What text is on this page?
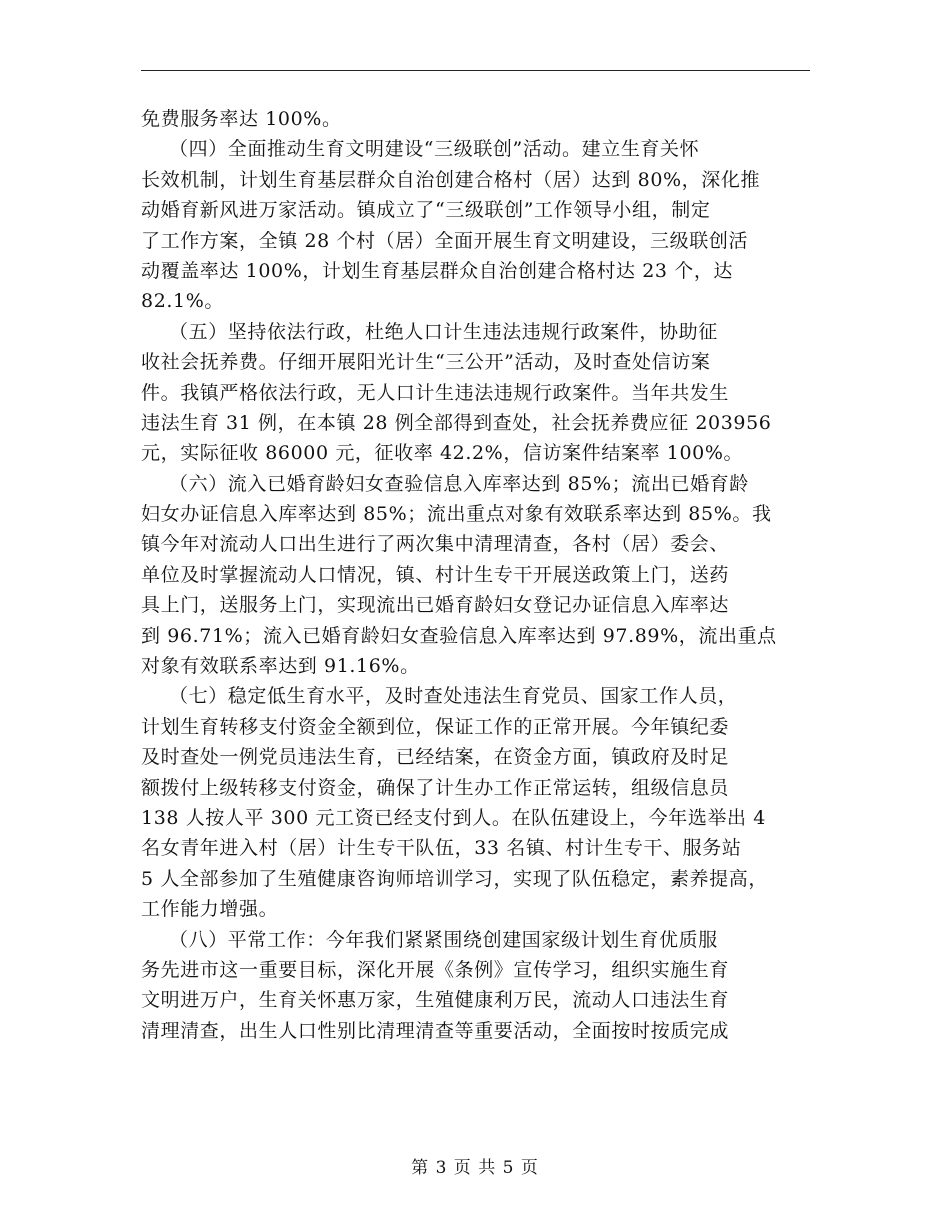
免费服务率达 100%。
（四）全面推动生育文明建设“三级联创”活动。建立生育关怀
长效机制，计划生育基层群众自治创建合格村（居）达到 80%，深化推
动婚育新风进万家活动。镇成立了“三级联创”工作领导小组，制定
了工作方案，全镇 28 个村（居）全面开展生育文明建设，三级联创活
动覆盖率达 100%，计划生育基层群众自治创建合格村达 23 个，达
82.1%。
（五）坚持依法行政，杜绝人口计生违法违规行政案件，协助征
收社会抚养费。仔细开展阳光计生“三公开”活动，及时查处信访案
件。我镇严格依法行政，无人口计生违法违规行政案件。当年共发生
违法生育 31 例，在本镇 28 例全部得到查处，社会抚养费应征 203956
元，实际征收 86000 元，征收率 42.2%，信访案件结案率 100%。
（六）流入已婚育龄妇女查验信息入库率达到 85%；流出已婚育龄
妇女办证信息入库率达到 85%；流出重点对象有效联系率达到 85%。我
镇今年对流动人口出生进行了两次集中清理清查，各村（居）委会、
单位及时掌握流动人口情况，镇、村计生专干开展送政策上门，送药
具上门，送服务上门，实现流出已婚育龄妇女登记办证信息入库率达
到 96.71%；流入已婚育龄妇女查验信息入库率达到 97.89%，流出重点
对象有效联系率达到 91.16%。
（七）稳定低生育水平，及时查处违法生育党员、国家工作人员，
计划生育转移支付资金全额到位，保证工作的正常开展。今年镇纪委
及时查处一例党员违法生育，已经结案，在资金方面，镇政府及时足
额拨付上级转移支付资金，确保了计生办工作正常运转，组级信息员
138 人按人平 300 元工资已经支付到人。在队伍建设上，今年选举出 4
名女青年进入村（居）计生专干队伍，33 名镇、村计生专干、服务站
5 人全部参加了生殖健康咨询师培训学习，实现了队伍稳定，素养提高，
工作能力增强。
（八）平常工作：今年我们紧紧围绕创建国家级计划生育优质服
务先进市这一重要目标，深化开展《条例》宣传学习，组织实施生育
文明进万户，生育关怀惠万家，生殖健康利万民，流动人口违法生育
清理清查，出生人口性别比清理清查等重要活动，全面按时按质完成
第 3 页 共 5 页
